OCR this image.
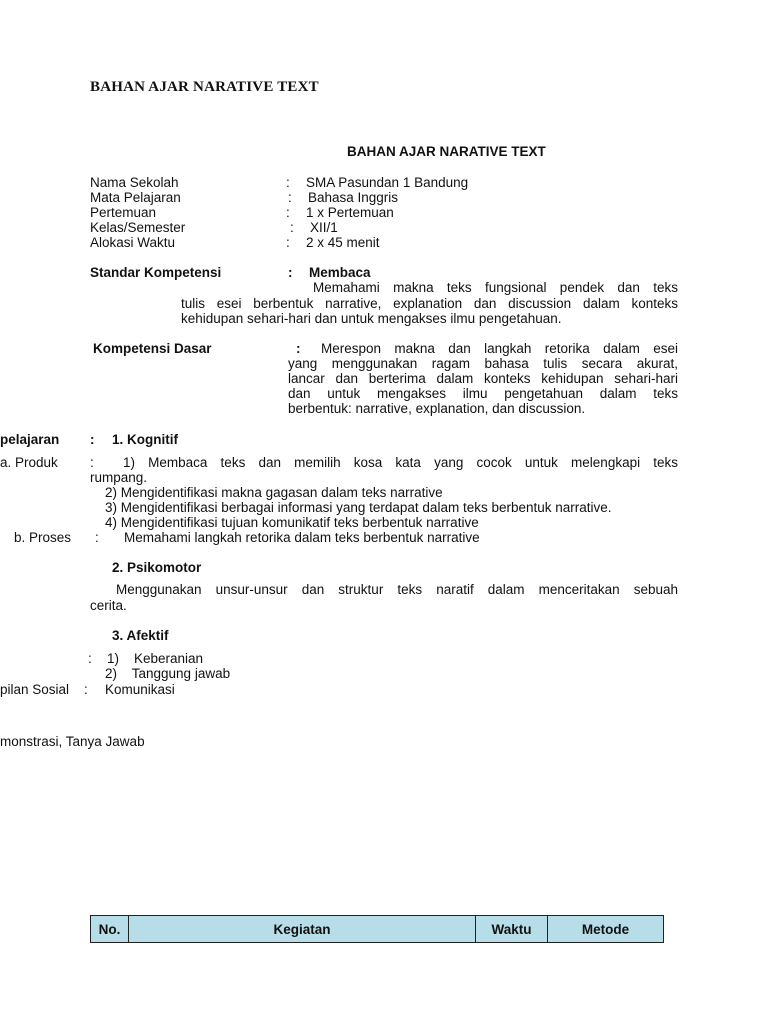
BAHAN AJAR NARATIVE TEXT
BAHAN AJAR NARATIVE TEXT
Nama Sekolah	: SMA Pasundan 1 Bandung
Mata Pelajaran	: Bahasa Inggris
Pertemuan	: 1 x Pertemuan
Kelas/Semester	: XII/1
Alokasi Waktu	: 2 x 45 menit
Standar Kompetensi	: Membaca
Memahami makna teks fungsional pendek dan teks
tulis esei berbentuk narrative, explanation dan discussion dalam konteks
kehidupan sehari-hari dan untuk mengakses ilmu pengetahuan.
Kompetensi Dasar	: Merespon makna dan langkah retorika dalam esei
yang menggunakan ragam bahasa tulis secara akurat,
lancar dan berterima dalam konteks kehidupan sehari-hari
dan untuk mengakses ilmu pengetahuan dalam teks
berbentuk: narrative, explanation, dan discussion.
pelajaran : 1. Kognitif
a. Produk : 1) Membaca teks dan memilih kosa kata yang cocok untuk melengkapi teks
rumpang.
2) Mengidentifikasi makna gagasan dalam teks narrative
3) Mengidentifikasi berbagai informasi yang terdapat dalam teks berbentuk narrative.
4) Mengidentifikasi tujuan komunikatif teks berbentuk narrative
b. Proses : Memahami langkah retorika dalam teks berbentuk narrative
2. Psikomotor
Menggunakan unsur-unsur dan struktur teks naratif dalam menceritakan sebuah
cerita.
3. Afektif
: 1)    Keberanian
2)    Tanggung jawab
pilan Sosial : Komunikasi
monstrasi, Tanya Jawab
No.	Kegiatan	Waktu	Metode
